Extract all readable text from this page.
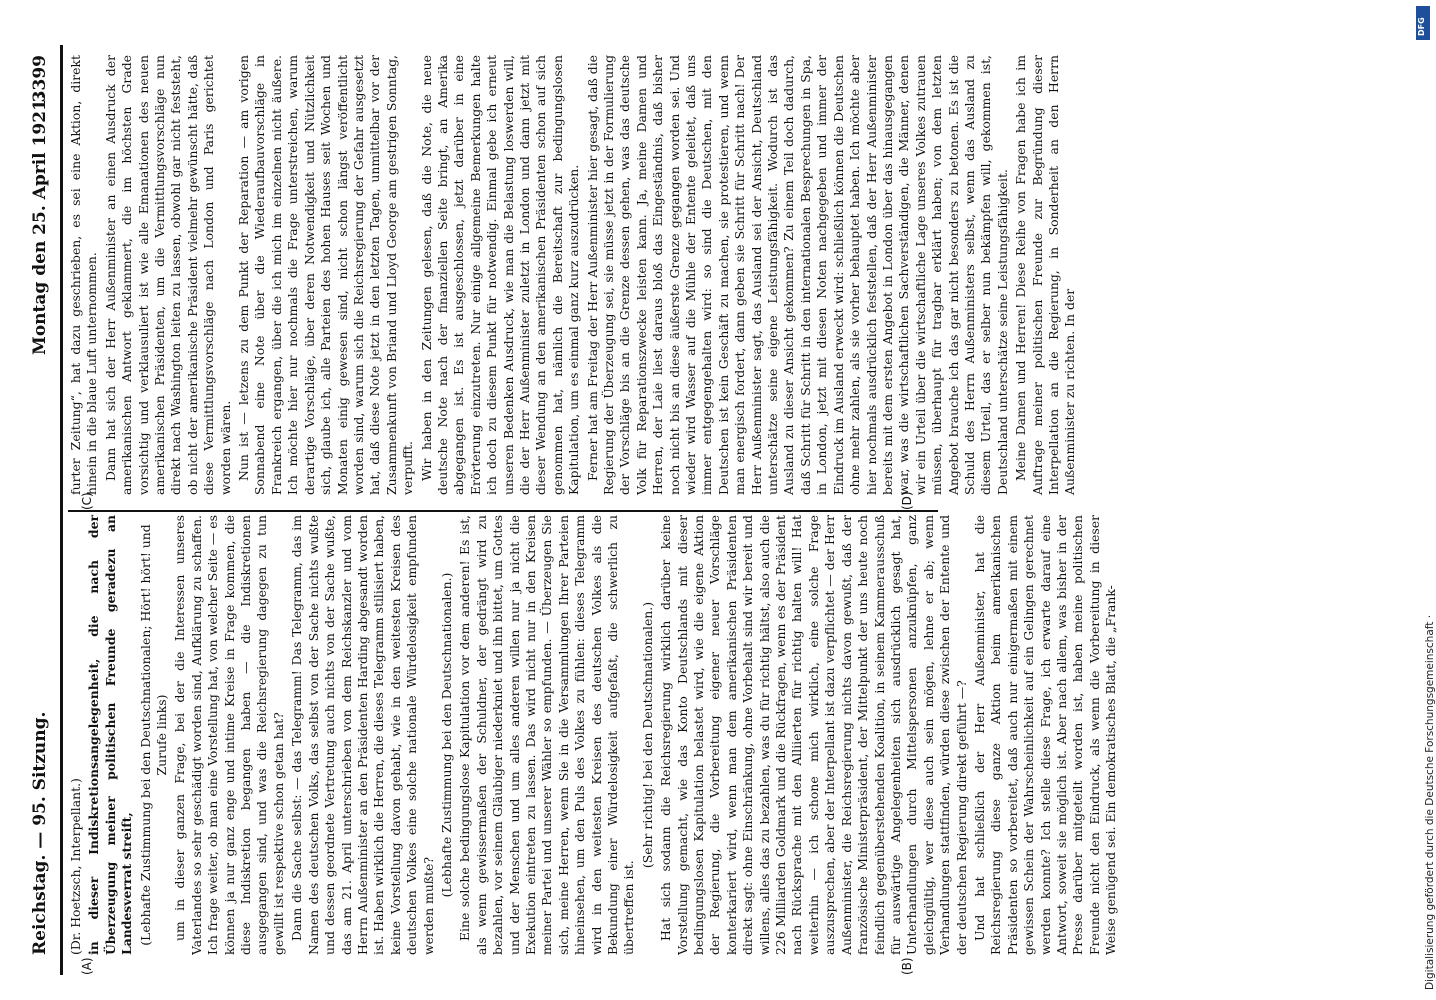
Reichstag. — 95. Sitzung.
Montag den 25. April 1921.
3399

(Dr. Hoetzsch, Interpellant.) in dieser Indiskretionsangelegenheit, die nach der Überzeugung meiner politischen Freunde geradezu an Landesverrat streift, (Lebhafte Zustimmung bei den Deutschnationalen; Hört! hört! und Zurufe links) um in dieser ganzen Frage, bei der die Interessen unseres Vaterlandes so sehr geschädigt worden sind, Aufklärung zu schaffen. Ich frage weiter, ob man eine Vorstellung hat, von welcher Seite — es können ja nur ganz enge und intime Kreise in Frage kommen, die diese Indiskretion begangen haben — die Indiskretionen ausgegangen sind, und was die Reichsregierung dagegen zu tun gewillt ist respektive schon getan hat? Dann die Sache selbst: — das Telegramm! Das Telegramm, das im Namen des deutschen Volks, das selbst von der Sache nichts wußte und dessen geordnete Vertretung auch nichts von der Sache wußte, das am 21. April unterschrieben von dem Reichskanzler und vom Herrn Außenminister an den Präsidenten Harding abgesandt worden ist. Haben wirklich die Herren, die dieses Telegramm stilisiert haben, keine Vorstellung davon gehabt, wie in den weitesten Kreisen des deutschen Volkes eine solche nationale Würdelosigkeit empfunden werden mußte?

(Lebhafte Zustimmung bei den Deutschnationalen.) Eine solche bedingungslose Kapitulation vor dem anderen! Es ist, als wenn gewissermaßen der Schuldner, der gedrängt wird zu bezahlen, vor seinem Gläubiger niederkniet und ihn bittet, um Gottes und der Menschen und um alles anderen willen nur ja nicht die Exekution eintreten zu lassen. Das wird nicht nur in den Kreisen meiner Partei und unserer Wähler so empfunden. — Überzeugen Sie sich, meine Herren, wenn Sie in die Versammlungen Ihrer Parteien hineinsehen, um den Puls des Volkes zu fühlen: dieses Telegramm wird in den weitesten Kreisen des deutschen Volkes als die Bekundung einer Würdelosigkeit aufgefaßt, die schwerlich zu übertreffen ist.

(Sehr richtig! bei den Deutschnationalen.) Hat sich sodann die Reichsregierung wirklich darüber keine Vorstellung gemacht, wie das Konto Deutschlands mit dieser bedingungslosen Kapitulation belastet wird, wie die eigene Aktion der Regierung, die Vorbereitung eigener neuer Vorschläge konterkariert wird, wenn man dem amerikanischen Präsidenten direkt sagt: ohne Einschränkung, ohne Vorbehalt sind wir bereit und willens, alles das zu bezahlen, was du für richtig hältst, also auch die 226 Milliarden Goldmark und die Rückfragen, wenn es der Präsident nach Rücksprache mit den Alliierten für richtig halten will! Hat weiterhin — ich schone mich wirklich, eine solche Frage auszusprechen, aber der Interpellant ist dazu verpflichtet — der Herr Außenminister, die Reichsregierung nichts davon gewußt, daß der französische Ministerpräsident, der Mittelpunkt der uns heute noch feindlich gegenüberstehenden Koalition, in seinem Kammerausschuß für auswärtige Angelegenheiten sich ausdrücklich gesagt hat, Unterhandlungen durch Mittelspersonen anzuknüpfen, ganz gleichgültig, wer diese auch sein mögen, lehne er ab; wenn Verhandlungen stattfinden, würden diese zwischen der Entente und der deutschen Regierung direkt geführt —? Und hat schließlich der Herr Außenminister, hat die Reichsregierung diese ganze Aktion beim amerikanischen Präsidenten so vorbereitet, daß auch nur einigermaßen mit einem gewissen Schein der Wahrscheinlichkeit auf ein Gelingen gerechnet werden konnte? Ich stelle diese Frage, ich erwarte darauf eine Antwort, soweit sie möglich ist. Aber nach allem, was bisher in der Presse darüber mitgeteilt worden ist, haben meine politischen Freunde nicht den Eindruck, als wenn die Vorbereitung in dieser Weise genügend sei. Ein demokratisches Blatt, die „Frank-

furter Zeitung“, hat dazu geschrieben, es sei eine Aktion, direkt hinein in die blaue Luft unternommen. Dann hat sich der Herr Außenminister an einen Ausdruck der amerikanischen Antwort geklammert, die im höchsten Grade vorsichtig und verklausuliert ist wie alle Emanationen des neuen amerikanischen Präsidenten, um die Vermittlungsvorschläge nun direkt nach Washington leiten zu lassen, obwohl gar nicht feststeht, ob nicht der amerikanische Präsident vielmehr gewünscht hätte, daß diese Vermittlungsvorschläge nach London und Paris gerichtet worden wären. Nun ist — letzens zu dem Punkt der Reparation — am vorigen Sonnabend eine Note über die Wiederaufbauvorschläge in Frankreich ergangen, über die ich mich im einzelnen nicht äußere. Ich möchte hier nur nochmals die Frage unterstreichen, warum derartige Vorschläge, über deren Notwendigkeit und Nützlichkeit sich, glaube ich, alle Parteien des hohen Hauses seit Wochen und Monaten einig gewesen sind, nicht schon längst veröffentlicht worden sind, warum sich die Reichsregierung der Gefahr ausgesetzt hat, daß diese Note jetzt in den letzten Tagen, unmittelbar vor der Zusammenkunft von Briand und Lloyd George am gestrigen Sonntag, verpufft. Wir haben in den Zeitungen gelesen, daß die Note, die neue deutsche Note nach der finanziellen Seite bringt, an Amerika abgegangen ist. Es ist ausgeschlossen, jetzt darüber in eine Erörterung einzutreten. Nur einige allgemeine Bemerkungen halte ich doch zu diesem Punkt für notwendig. Einmal gebe ich erneut unseren Bedenken Ausdruck, wie man die Belastung loswerden will, die der Herr Außenminister zuletzt in London und dann jetzt mit dieser Wendung an den amerikanischen Präsidenten schon auf sich genommen hat, nämlich die Bereitschaft zur bedingungslosen Kapitulation, um es einmal ganz kurz auszudrücken. Ferner hat am Freitag der Herr Außenminister hier gesagt, daß die Regierung der Überzeugung sei, sie müsse jetzt in der Formulierung der Vorschläge bis an die Grenze dessen gehen, was das deutsche Volk für Reparationszwecke leisten kann. Ja, meine Damen und Herren, der Laie liest daraus bloß das Eingeständnis, daß bisher noch nicht bis an diese äußerste Grenze gegangen worden sei. Und wieder wird Wasser auf die Mühle der Entente geleitet, daß uns immer entgegengehalten wird: so sind die Deutschen, mit den Deutschen ist kein Geschäft zu machen, sie protestieren, und wenn man energisch fordert, dann geben sie Schritt für Schritt nach! Der Herr Außenminister sagt, das Ausland sei der Ansicht, Deutschland unterschätze seine eigene Leistungsfähigkeit. Wodurch ist das Ausland zu dieser Ansicht gekommen? Zu einem Teil doch dadurch, daß Schritt für Schritt in den internationalen Besprechungen in Spa, in London, jetzt mit diesen Noten nachgegeben und immer der Eindruck im Ausland erweckt wird: schließlich können die Deutschen ohne mehr zahlen, als sie vorher behauptet haben. Ich möchte aber hier nochmals ausdrücklich feststellen, daß der Herr Außenminister bereits mit dem ersten Angebot in London über das hinausgegangen war, was die wirtschaftlichen Sachverständigen, die Männer, denen wir ein Urteil über die wirtschaftliche Lage unseres Volkes zutrauen müssen, überhaupt für tragbar erklärt haben; von dem letzten Angebot brauche ich das gar nicht besonders zu betonen. Es ist die Schuld des Herrn Außenministers selbst, wenn das Ausland zu diesem Urteil, das er selber nun bekämpfen will, gekommen ist, Deutschland unterschätze seine Leistungsfähigkeit. Meine Damen und Herren! Diese Reihe von Fragen habe ich im Auftrage meiner politischen Freunde zur Begründung dieser Interpellation an die Regierung, in Sonderheit an den Herrn Außenminister zu richten. In der

(A)	(B)
(C)	(D)
Digitalisierung gefördert durch die Deutsche Forschungsgemeinschaft ·
DFG
